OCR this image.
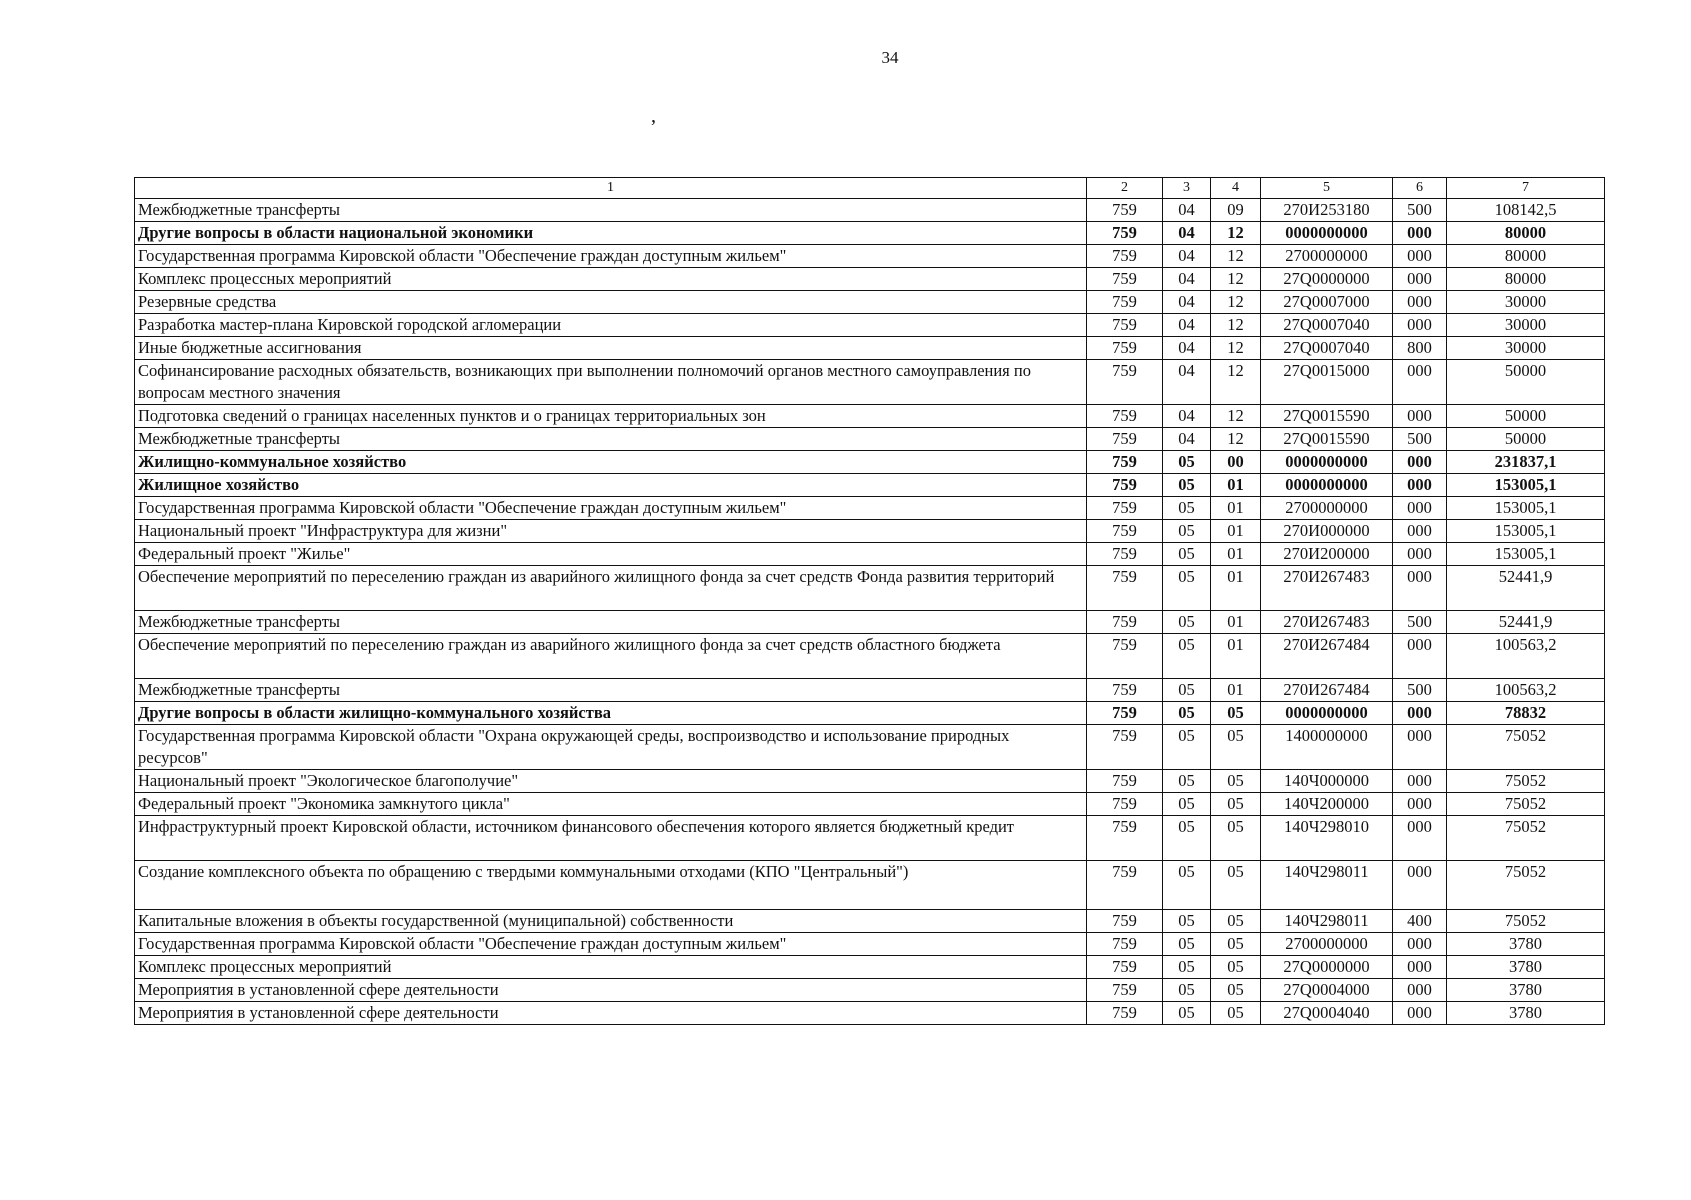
34
’
1	2	3	4	5	6	7
Межбюджетные трансферты	759	04	09	270И253180	500	108142,5
Другие вопросы в области национальной экономики	759	04	12	0000000000	000	80000
Государственная программа Кировской области "Обеспечение граждан доступным жильем"	759	04	12	2700000000	000	80000
Комплекс процессных мероприятий	759	04	12	27Q0000000	000	80000
Резервные средства	759	04	12	27Q0007000	000	30000
Разработка мастер-плана Кировской городской агломерации	759	04	12	27Q0007040	000	30000
Иные бюджетные ассигнования	759	04	12	27Q0007040	800	30000
Софинансирование расходных обязательств, возникающих при выполнении полномочий органов местного самоуправления по вопросам местного значения	759	04	12	27Q0015000	000	50000
Подготовка сведений о границах населенных пунктов и о границах территориальных зон	759	04	12	27Q0015590	000	50000
Межбюджетные трансферты	759	04	12	27Q0015590	500	50000
Жилищно-коммунальное хозяйство	759	05	00	0000000000	000	231837,1
Жилищное хозяйство	759	05	01	0000000000	000	153005,1
Государственная программа Кировской области "Обеспечение граждан доступным жильем"	759	05	01	2700000000	000	153005,1
Национальный проект "Инфраструктура для жизни"	759	05	01	270И000000	000	153005,1
Федеральный проект "Жилье"	759	05	01	270И200000	000	153005,1
Обеспечение мероприятий по переселению граждан из аварийного жилищного фонда за счет средств Фонда развития территорий	759	05	01	270И267483	000	52441,9
Межбюджетные трансферты	759	05	01	270И267483	500	52441,9
Обеспечение мероприятий по переселению граждан из аварийного жилищного фонда за счет средств областного бюджета	759	05	01	270И267484	000	100563,2
Межбюджетные трансферты	759	05	01	270И267484	500	100563,2
Другие вопросы в области жилищно-коммунального хозяйства	759	05	05	0000000000	000	78832
Государственная программа Кировской области "Охрана окружающей среды, воспроизводство и использование природных ресурсов"	759	05	05	1400000000	000	75052
Национальный проект "Экологическое благополучие"	759	05	05	140Ч000000	000	75052
Федеральный проект "Экономика замкнутого цикла"	759	05	05	140Ч200000	000	75052
Инфраструктурный проект Кировской области, источником финансового обеспечения которого является бюджетный кредит	759	05	05	140Ч298010	000	75052
Создание комплексного объекта по обращению с твердыми коммунальными отходами (КПО "Центральный")	759	05	05	140Ч298011	000	75052
Капитальные вложения в объекты государственной (муниципальной) собственности	759	05	05	140Ч298011	400	75052
Государственная программа Кировской области "Обеспечение граждан доступным жильем"	759	05	05	2700000000	000	3780
Комплекс процессных мероприятий	759	05	05	27Q0000000	000	3780
Мероприятия в установленной сфере деятельности	759	05	05	27Q0004000	000	3780
Мероприятия в установленной сфере деятельности	759	05	05	27Q0004040	000	3780
